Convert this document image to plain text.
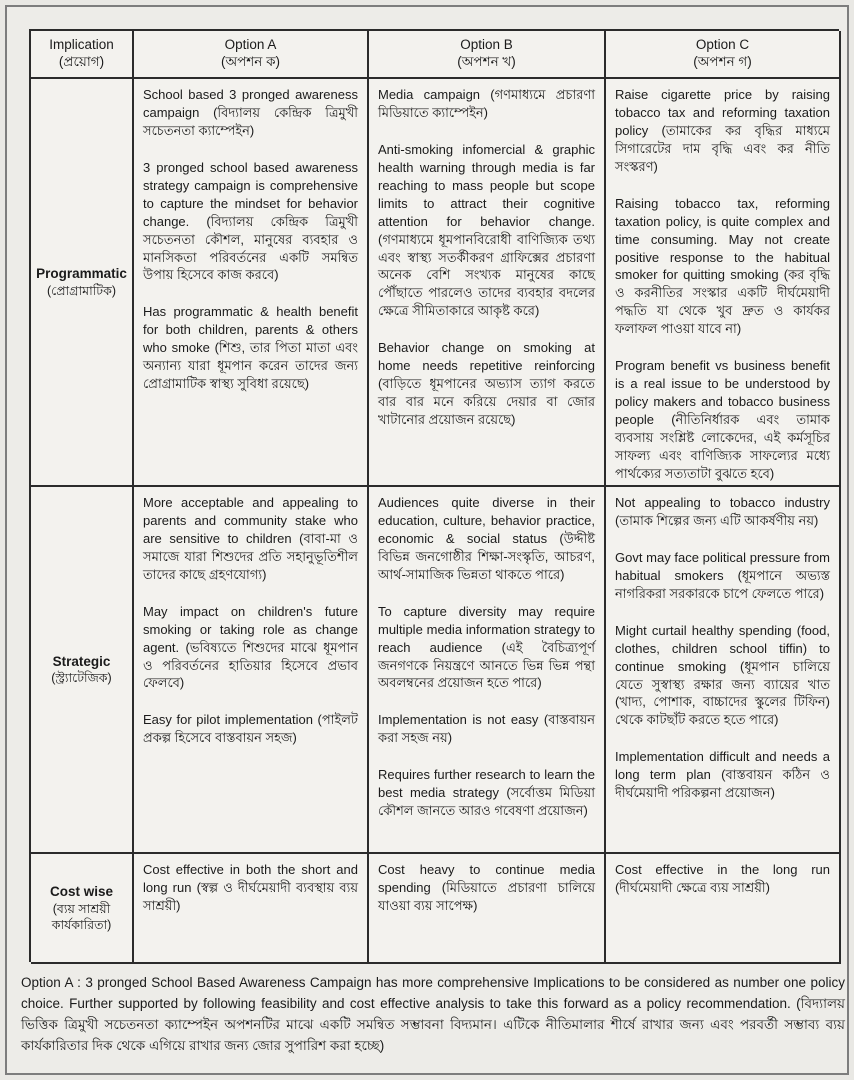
Implication
(প্রয়োগ)
Option A
(অপশন ক)
Option B
(অপশন খ)
Option C
(অপশন গ)
Programmatic
(প্রোগ্রামাটিক)

School based 3 pronged awareness campaign (বিদ্যালয় কেন্দ্রিক ত্রিমুখী সচেতনতা ক্যাম্পেইন)

3 pronged school based awareness strategy campaign is comprehensive to capture the mindset for behavior change. (বিদ্যালয় কেন্দ্রিক ত্রিমুখী সচেতনতা কৌশল, মানুষের ব্যবহার ও মানসিকতা পরিবর্তনের একটি সমন্বিত উপায় হিসেবে কাজ করবে)

Has programmatic & health benefit for both children, parents & others who smoke (শিশু, তার পিতা মাতা এবং অন্যান্য যারা ধূমপান করেন তাদের জন্য প্রোগ্রামাটিক স্বাস্থ্য সুবিধা রয়েছে)

Media campaign (গণমাধ্যমে প্রচারণা মিডিয়াতে ক্যাম্পেইন)

Anti-smoking infomercial & graphic health warning through media is far reaching to mass people but scope limits to attract their cognitive attention for behavior change. (গণমাধ্যমে ধূমপানবিরোধী বাণিজ্যিক তথ্য এবং স্বাস্থ্য সতর্কীকরণ গ্রাফিক্সের প্রচারণা অনেক বেশি সংখ্যক মানুষের কাছে পৌঁছাতে পারলেও তাদের ব্যবহার বদলের ক্ষেত্রে সীমিতাকারে আকৃষ্ট করে)

Behavior change on smoking at home needs repetitive reinforcing (বাড়িতে ধূমপানের অভ্যাস ত্যাগ করতে বার বার মনে করিয়ে দেয়ার বা জোর খাটানোর প্রয়োজন রয়েছে)

Raise cigarette price by raising tobacco tax and reforming taxation policy (তামাকের কর বৃদ্ধির মাধ্যমে সিগারেটের দাম বৃদ্ধি এবং কর নীতি সংস্করণ)

Raising tobacco tax, reforming taxation policy, is quite complex and time consuming. May not create positive response to the habitual smoker for quitting smoking (কর বৃদ্ধি ও করনীতির সংস্কার একটি দীর্ঘমেয়াদী পদ্ধতি যা থেকে খুব দ্রুত ও কার্যকর ফলাফল পাওয়া যাবে না)

Program benefit vs business benefit is a real issue to be understood by policy makers and tobacco business people (নীতিনির্ধারক এবং তামাক ব্যবসায় সংশ্লিষ্ট লোকেদের, এই কর্মসূচির সাফল্য এবং বাণিজ্যিক সাফল্যের মধ্যে পার্থক্যের সত্যতাটা বুঝতে হবে)

Strategic
(স্ট্র্যাটেজিক)

More acceptable and appealing to parents and community stake who are sensitive to children (বাবা-মা ও সমাজে যারা শিশুদের প্রতি সহানুভূতিশীল তাদের কাছে গ্রহণযোগ্য)

May impact on children's future smoking or taking role as change agent. (ভবিষ্যতে শিশুদের মাঝে ধূমপান ও পরিবর্তনের হাতিয়ার হিসেবে প্রভাব ফেলবে)

Easy for pilot implementation (পাইলট প্রকল্প হিসেবে বাস্তবায়ন সহজ)

Audiences quite diverse in their education, culture, behavior practice, economic & social status (উদ্দীষ্ট বিভিন্ন জনগোষ্ঠীর শিক্ষা-সংস্কৃতি, আচরণ, আর্থ-সামাজিক ভিন্নতা থাকতে পারে)

To capture diversity may require multiple media information strategy to reach audience (এই বৈচিত্র্যপূর্ণ জনগণকে নিয়ন্ত্রণে আনতে ভিন্ন ভিন্ন পন্থা অবলম্বনের প্রয়োজন হতে পারে)

Implementation is not easy (বাস্তবায়ন করা সহজ নয়)

Requires further research to learn the best media strategy (সর্বোত্তম মিডিয়া কৌশল জানতে আরও গবেষণা প্রয়োজন)

Not appealing to tobacco industry (তামাক শিল্পের জন্য এটি আকর্ষণীয় নয়)

Govt may face political pressure from habitual smokers (ধূমপানে অভ্যস্ত নাগরিকরা সরকারকে চাপে ফেলতে পারে)

Might curtail healthy spending (food, clothes, children school tiffin) to continue smoking (ধূমপান চালিয়ে যেতে সুস্বাস্থ্য রক্ষার জন্য ব্যায়ের খাত (খাদ্য, পোশাক, বাচ্চাদের স্কুলের টিফিন) থেকে কাটছাঁট করতে হতে পারে)

Implementation difficult and needs a long term plan (বাস্তবায়ন কঠিন ও দীর্ঘমেয়াদী পরিকল্পনা প্রয়োজন)

Cost wise
(ব্যয় সাশ্রয়ী কার্যকারিতা)

Cost effective in both the short and long run (স্বল্প ও দীর্ঘমেয়াদী ব্যবস্থায় ব্যয় সাশ্রয়ী)

Cost heavy to continue media spending (মিডিয়াতে প্রচারণা চালিয়ে যাওয়া ব্যয় সাপেক্ষ)

Cost effective in the long run (দীর্ঘমেয়াদী ক্ষেত্রে ব্যয় সাশ্রয়ী)

Option A : 3 pronged School Based Awareness Campaign has more comprehensive Implications to be considered as number one policy choice. Further supported by following feasibility and cost effective analysis to take this forward as a policy recommendation. (বিদ্যালয় ভিত্তিক ত্রিমুখী সচেতনতা ক্যাম্পেইন অপশনটির মাঝে একটি সমন্বিত সম্ভাবনা বিদ্যমান। এটিকে নীতিমালার শীর্ষে রাখার জন্য এবং পরবর্তী সম্ভাব্য ব্যয় কার্যকারিতার দিক থেকে এগিয়ে রাখার জন্য জোর সুপারিশ করা হচ্ছে)
